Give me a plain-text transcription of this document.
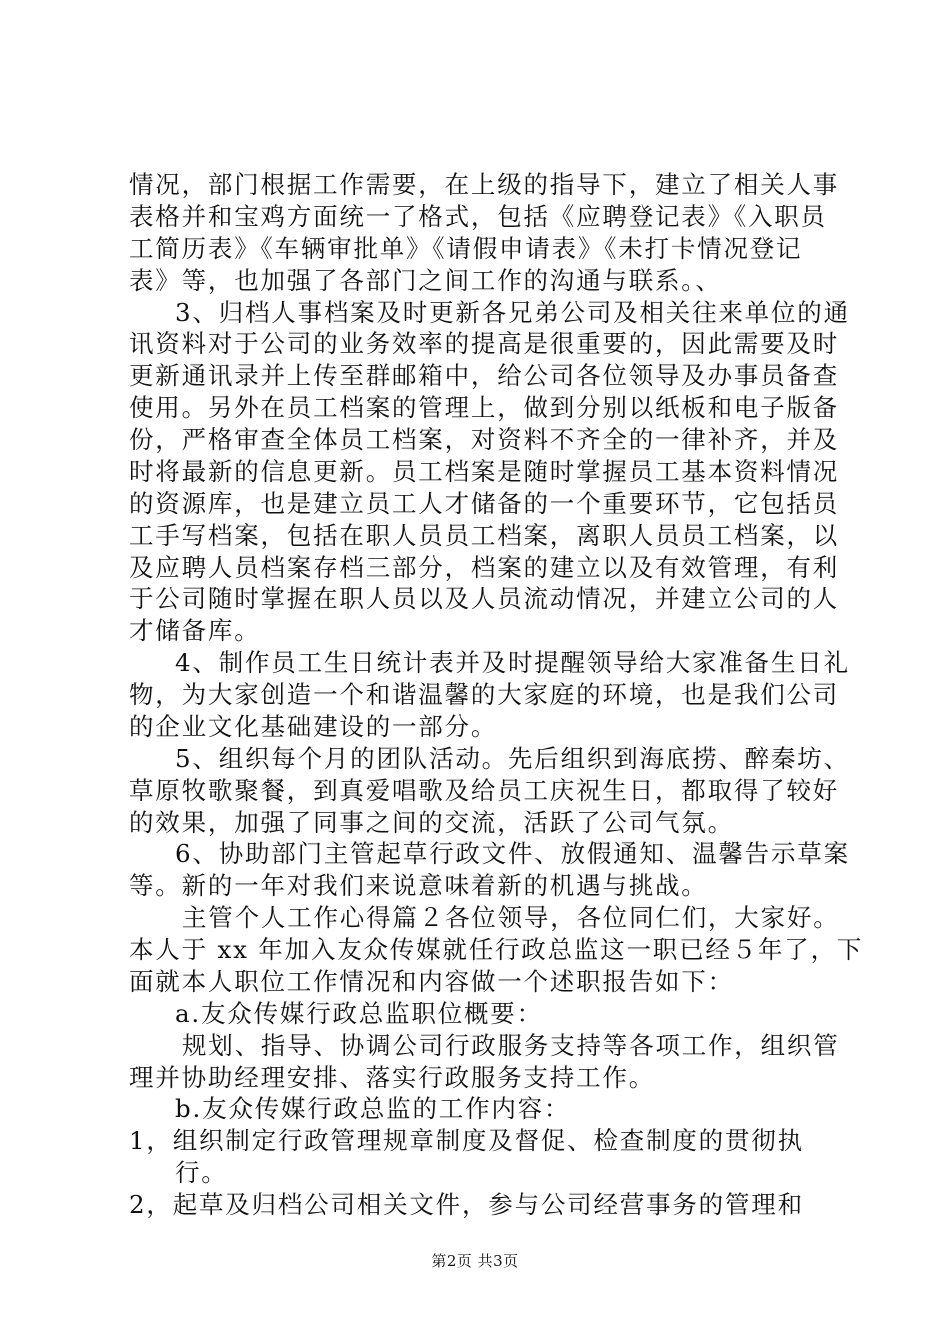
情况，部门根据工作需要，在上级的指导下，建立了相关人事
表格并和宝鸡方面统一了格式，包括《应聘登记表》《入职员
工简历表》《车辆审批单》《请假申请表》《未打卡情况登记
表》等，也加强了各部门之间工作的沟通与联系。、
3、归档人事档案及时更新各兄弟公司及相关往来单位的通
讯资料对于公司的业务效率的提高是很重要的，因此需要及时
更新通讯录并上传至群邮箱中，给公司各位领导及办事员备查
使用。另外在员工档案的管理上，做到分别以纸板和电子版备
份，严格审查全体员工档案，对资料不齐全的一律补齐，并及
时将最新的信息更新。员工档案是随时掌握员工基本资料情况
的资源库，也是建立员工人才储备的一个重要环节，它包括员
工手写档案，包括在职人员员工档案，离职人员员工档案，以
及应聘人员档案存档三部分，档案的建立以及有效管理，有利
于公司随时掌握在职人员以及人员流动情况，并建立公司的人
才储备库。
4、制作员工生日统计表并及时提醒领导给大家准备生日礼
物，为大家创造一个和谐温馨的大家庭的环境，也是我们公司
的企业文化基础建设的一部分。
5、组织每个月的团队活动。先后组织到海底捞、醉秦坊、
草原牧歌聚餐，到真爱唱歌及给员工庆祝生日，都取得了较好
的效果，加强了同事之间的交流，活跃了公司气氛。
6、协助部门主管起草行政文件、放假通知、温馨告示草案
等。新的一年对我们来说意味着新的机遇与挑战。
主管个人工作心得篇２各位领导，各位同仁们，大家好。
本人于 xx 年加入友众传媒就任行政总监这一职已经５年了，下
面就本人职位工作情况和内容做一个述职报告如下：
a.友众传媒行政总监职位概要：
规划、指导、协调公司行政服务支持等各项工作，组织管
理并协助经理安排、落实行政服务支持工作。
b.友众传媒行政总监的工作内容：
1，组织制定行政管理规章制度及督促、检查制度的贯彻执
行。
2，起草及归档公司相关文件，参与公司经营事务的管理和
第2页 共3页
